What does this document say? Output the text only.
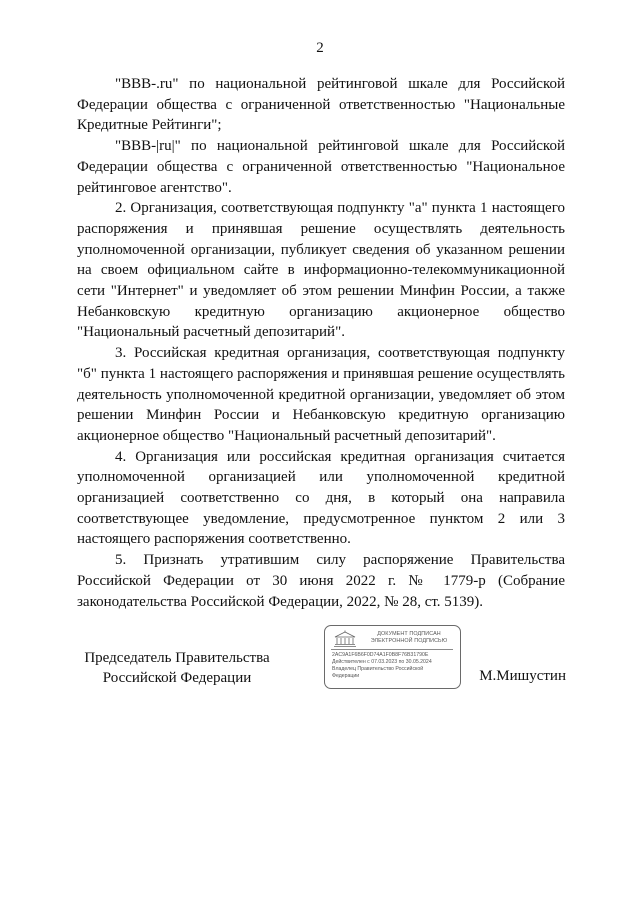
2

"BBB-.ru" по национальной рейтинговой шкале для Российской Федерации общества с ограниченной ответственностью "Национальные Кредитные Рейтинги";

"BBB-|ru|" по национальной рейтинговой шкале для Российской Федерации общества с ограниченной ответственностью "Национальное рейтинговое агентство".

2. Организация, соответствующая подпункту "а" пункта 1 настоящего распоряжения и принявшая решение осуществлять деятельность уполномоченной организации, публикует сведения об указанном решении на своем официальном сайте в информационно-телекоммуникационной сети "Интернет" и уведомляет об этом решении Минфин России, а также Небанковскую кредитную организацию акционерное общество "Национальный расчетный депозитарий".

3. Российская кредитная организация, соответствующая подпункту "б" пункта 1 настоящего распоряжения и принявшая решение осуществлять деятельность уполномоченной кредитной организации, уведомляет об этом решении Минфин России и Небанковскую кредитную организацию акционерное общество "Национальный расчетный депозитарий".

4. Организация или российская кредитная организация считается уполномоченной организацией или уполномоченной кредитной организацией соответственно со дня, в который она направила соответствующее уведомление, предусмотренное пунктом 2 или 3 настоящего распоряжения соответственно.

5. Признать утратившим силу распоряжение Правительства Российской Федерации от 30 июня 2022 г. № 1779-р (Собрание законодательства Российской Федерации, 2022, № 28, ст. 5139).

Председатель Правительства
Российской Федерации
ДОКУМЕНТ ПОДПИСАН
ЭЛЕКТРОННОЙ ПОДПИСЬЮ
2AC9A1F6B6F0D74A1F0B8F76B31790E
Действителен с 07.03.2023 по 30.05.2024
Владелец Правительство Российской
Федерации	М.Мишустин
